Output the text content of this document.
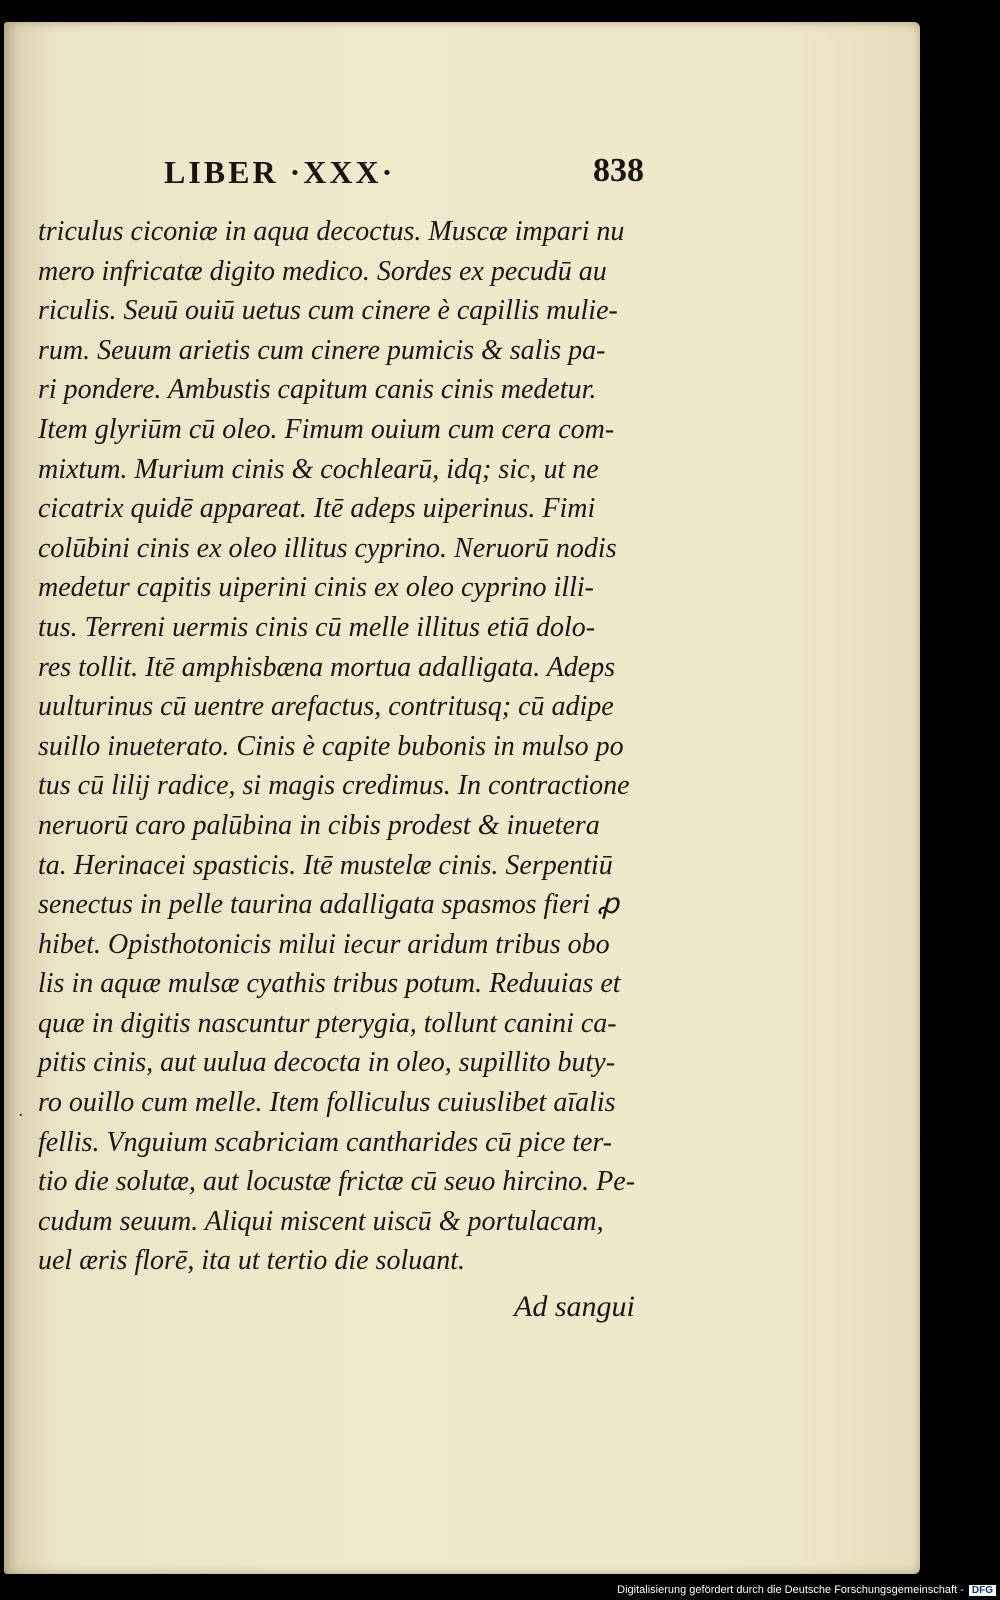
LIBER ·XXX·	838
triculus ciconiæ in aqua decoctus. Muscæ impari nu
mero infricatæ digito medico. Sordes ex pecudū au
riculis. Seuū ouiū uetus cum cinere è capillis mulie-
rum. Seuum arietis cum cinere pumicis & salis pa-
ri pondere. Ambustis capitum canis cinis medetur.
Item glyriūm cū oleo. Fimum ouium cum cera com-
mixtum. Murium cinis & cochlearū, idq; sic, ut ne
cicatrix quidē appareat. Itē adeps uiperinus. Fimi
colūbini cinis ex oleo illitus cyprino. Neruorū nodis
medetur capitis uiperini cinis ex oleo cyprino illi-
tus. Terreni uermis cinis cū melle illitus etiā dolo-
res tollit. Itē amphisbæna mortua adalligata. Adeps
uulturinus cū uentre arefactus, contritusq; cū adipe
suillo inueterato. Cinis è capite bubonis in mulso po
tus cū lilij radice, si magis credimus. In contractione
neruorū caro palūbina in cibis prodest & inuetera
ta. Herinacei spasticis. Itē mustelæ cinis. Serpentiū
senectus in pelle taurina adalligata spasmos fieri ꝓ
hibet. Opisthotonicis milui iecur aridum tribus obo
lis in aquæ mulsæ cyathis tribus potum. Reduuias et
quæ in digitis nascuntur pterygia, tollunt canini ca-
pitis cinis, aut uulua decocta in oleo, supillito buty-
ro ouillo cum melle. Item folliculus cuiuslibet aīalis
fellis. Vnguium scabriciam cantharides cū pice ter-
tio die solutæ, aut locustæ frictæ cū seuo hircino. Pe-
cudum seuum. Aliqui miscent uiscū & portulacam,
uel æris florē, ita ut tertio die soluant.
·
Ad sangui
Digitalisierung gefördert durch die Deutsche Forschungsgemeinschaft - DFG
